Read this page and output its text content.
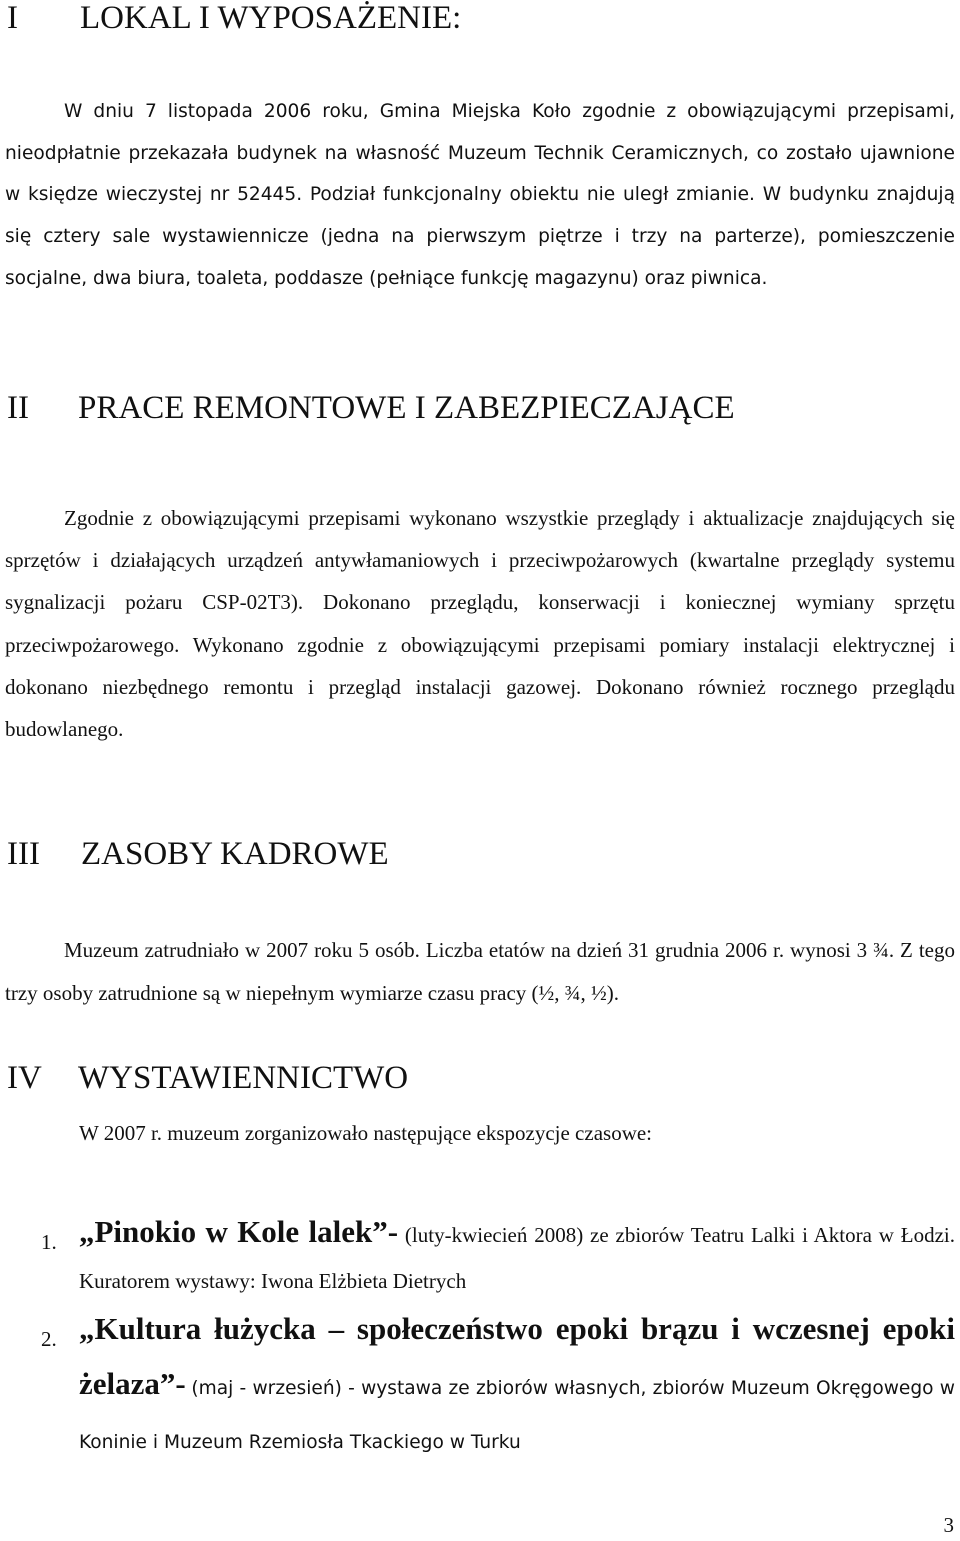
I LOKAL I WYPOSAŻENIE:

W dniu 7 listopada 2006 roku, Gmina Miejska Koło zgodnie z obowiązującymi przepisami, nieodpłatnie przekazała budynek na własność Muzeum Technik Ceramicznych, co zostało ujawnione w księdze wieczystej nr 52445. Podział funkcjonalny obiektu nie uległ zmianie. W budynku znajdują się cztery sale wystawiennicze (jedna na pierwszym piętrze i trzy na parterze), pomieszczenie socjalne, dwa biura, toaleta, poddasze (pełniące funkcję magazynu) oraz piwnica.

II PRACE REMONTOWE I ZABEZPIECZAJĄCE

Zgodnie z obowiązującymi przepisami wykonano wszystkie przeglądy i aktualizacje znajdujących się sprzętów i działających urządzeń antywłamaniowych i przeciwpożarowych (kwartalne przeglądy systemu sygnalizacji pożaru CSP-02T3). Dokonano przeglądu, konserwacji i koniecznej wymiany sprzętu przeciwpożarowego. Wykonano zgodnie z obowiązującymi przepisami pomiary instalacji elektrycznej i dokonano niezbędnego remontu i przegląd instalacji gazowej. Dokonano również rocznego przeglądu budowlanego.

III ZASOBY KADROWE

Muzeum zatrudniało w 2007 roku 5 osób. Liczba etatów na dzień 31 grudnia 2006 r. wynosi 3 ¾. Z tego trzy osoby zatrudnione są w niepełnym wymiarze czasu pracy (½, ¾, ½).

IV WYSTAWIENNICTWO

W 2007 r. muzeum zorganizowało następujące ekspozycje czasowe:

1. „Pinokio w Kole lalek”- (luty-kwiecień 2008) ze zbiorów Teatru Lalki i Aktora w Łodzi. Kuratorem wystawy: Iwona Elżbieta Dietrych

2. „Kultura łużycka – społeczeństwo epoki brązu i wczesnej epoki żelaza”- (maj - wrzesień) - wystawa ze zbiorów własnych, zbiorów Muzeum Okręgowego w Koninie i Muzeum Rzemiosła Tkackiego w Turku

3
